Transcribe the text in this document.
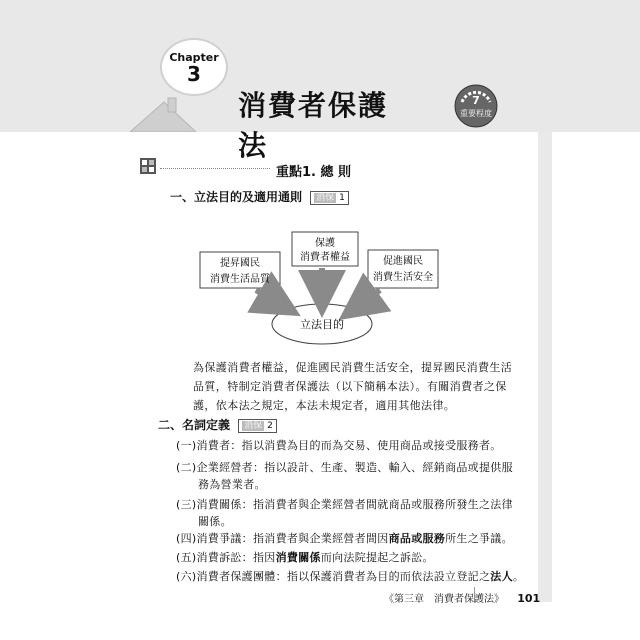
Chapter
3
消費者保護法
7
重要程度
重點1. 總 則
一、立法目的及適用通則 消保 1
保護
消費者權益
提昇國民
消費生活品質
促進國民
消費生活安全
立法目的
為保護消費者權益，促進國民消費生活安全，提昇國民消費生活
品質，特制定消費者保護法（以下簡稱本法）。有關消費者之保
護，依本法之規定，本法未規定者，適用其他法律。
二、名詞定義 消保 2
(一)消費者：指以消費為目的而為交易、使用商品或接受服務者。
(二)企業經營者：指以設計、生產、製造、輸入、經銷商品或提供服
務為營業者。
(三)消費關係：指消費者與企業經營者間就商品或服務所發生之法律
關係。
(四)消費爭議：指消費者與企業經營者間因商品或服務所生之爭議。
(五)消費訴訟：指因消費關係而向法院提起之訴訟。
(六)消費者保護團體：指以保護消費者為目的而依法設立登記之法人。
《第三章　消費者保護法》 101
